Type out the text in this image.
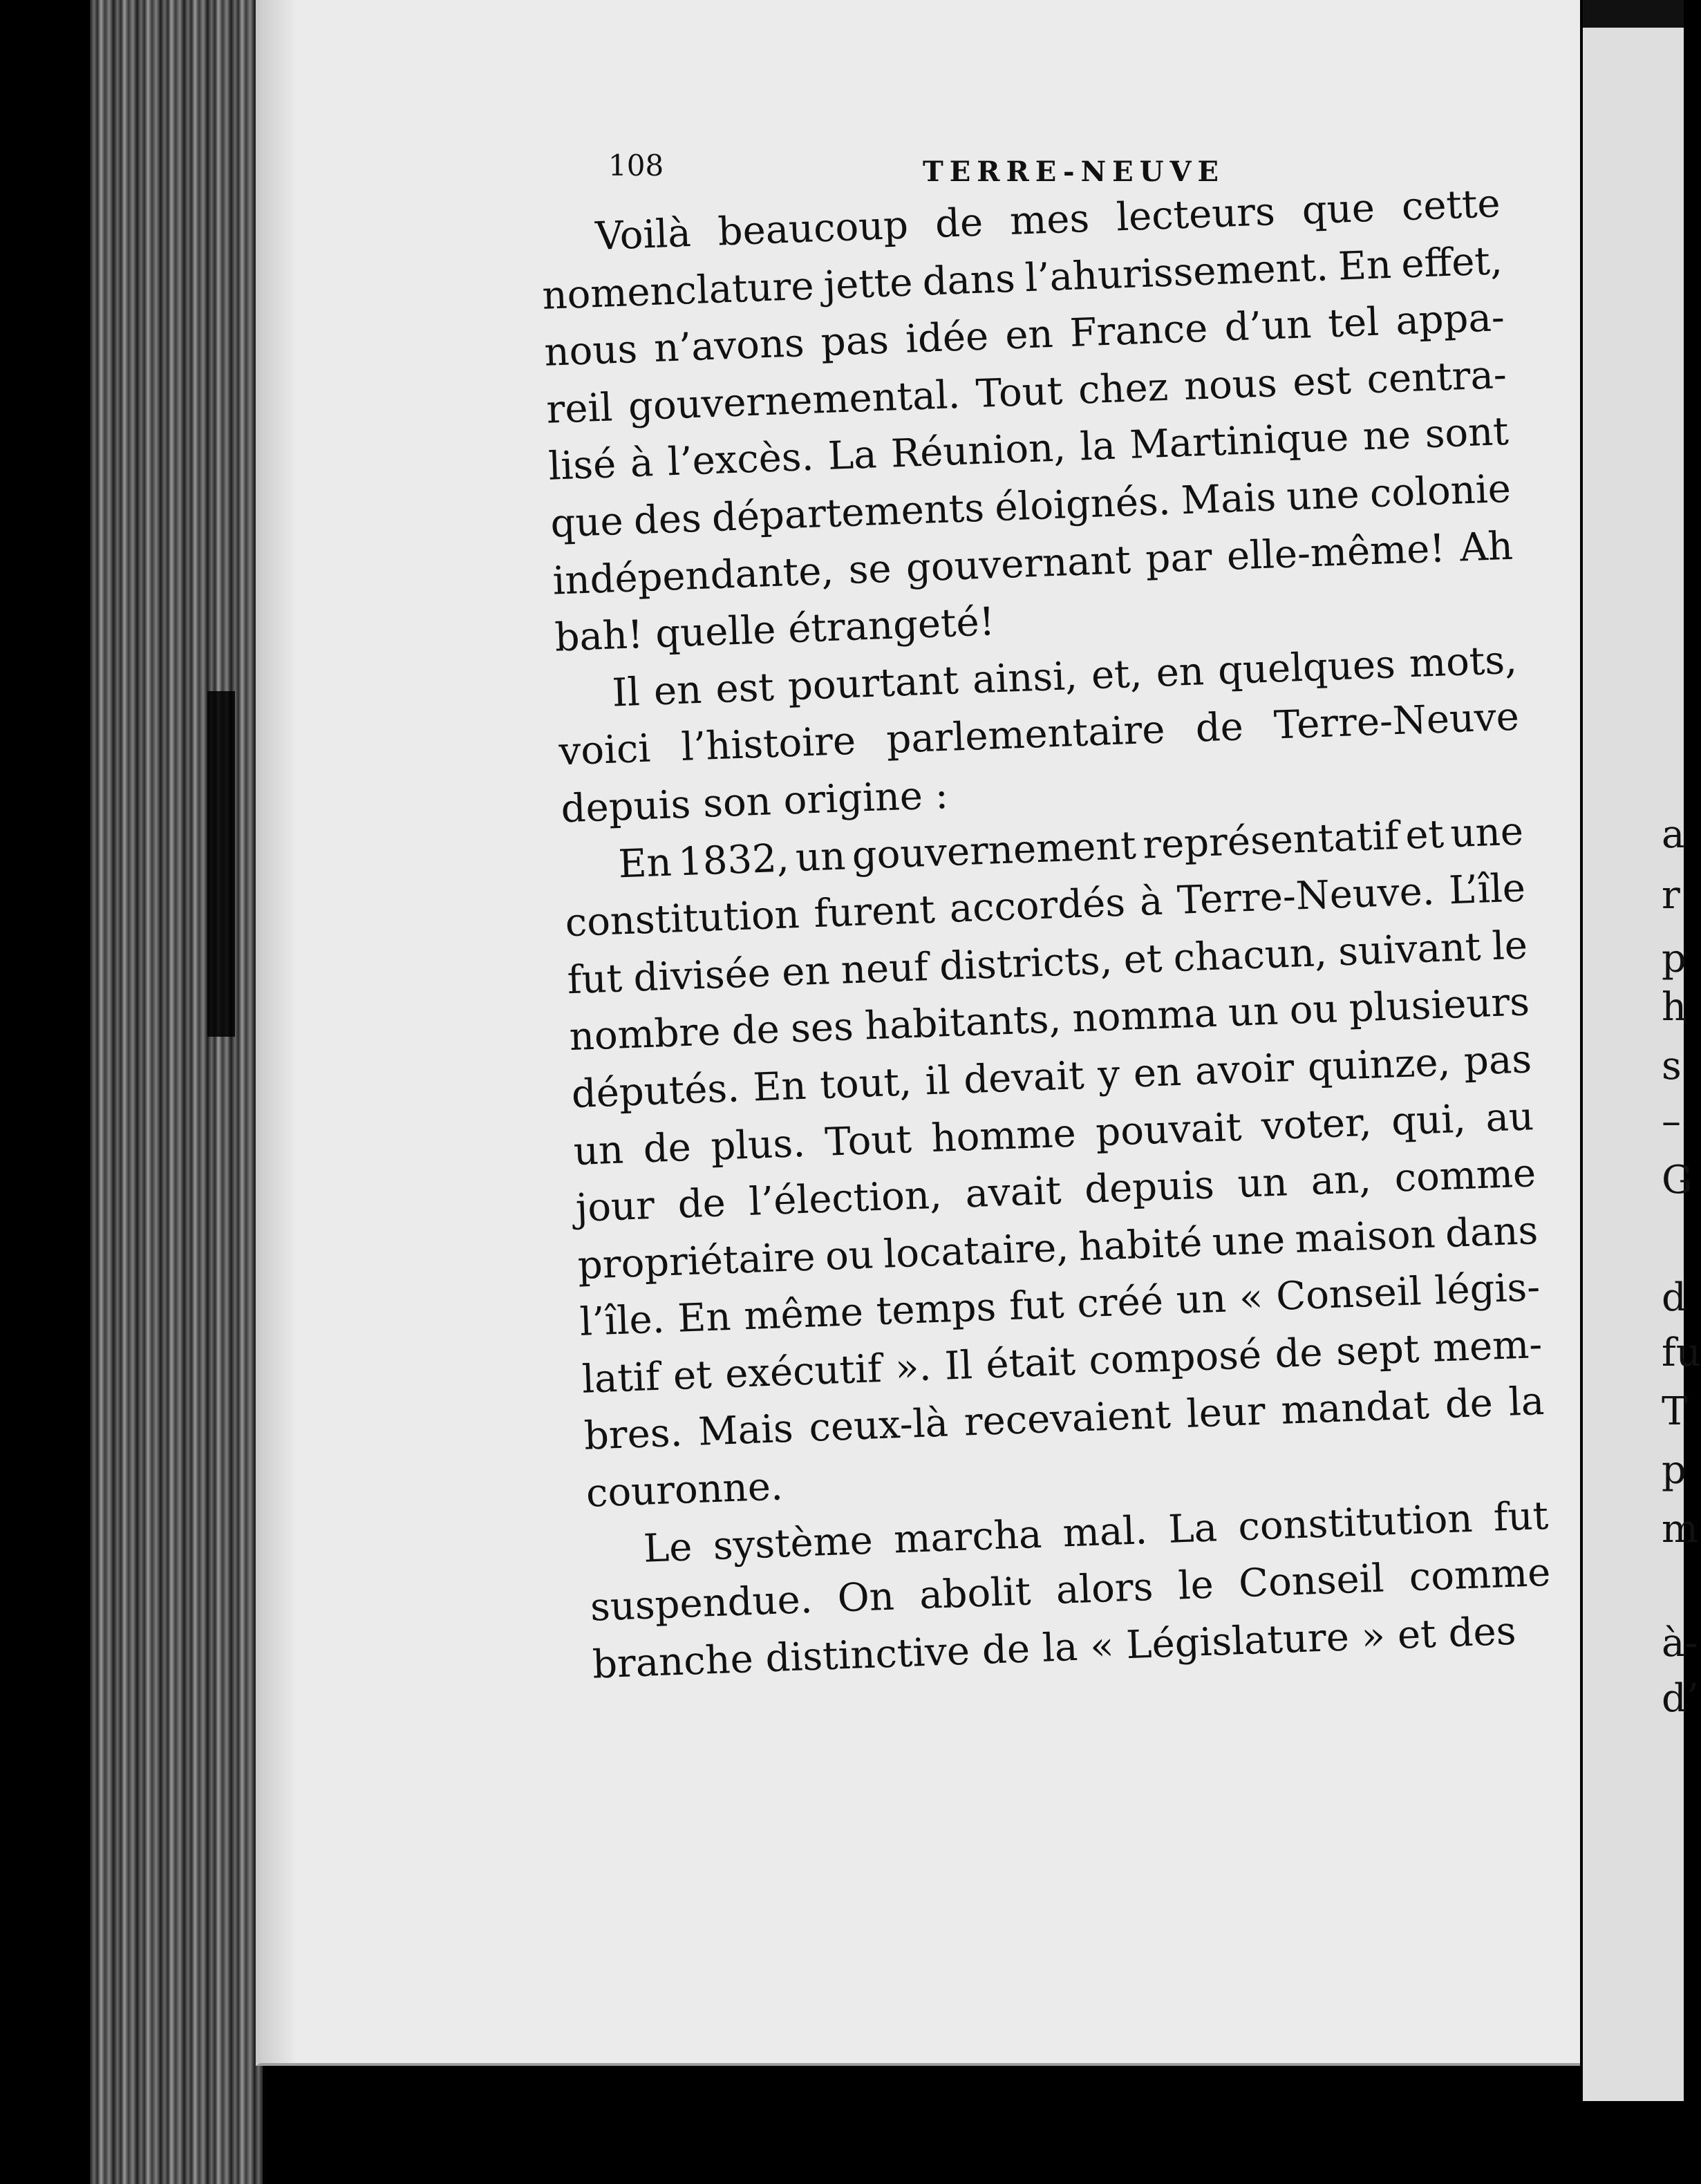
a
r
p
h
s
–
G
d
fu
T
p
m
à-
d’
108	TERRE-NEUVE
Voilà beaucoup de mes lecteurs que cette
nomenclature jette dans l’ahurissement. En effet,
nous n’avons pas idée en France d’un tel appa-
reil gouvernemental. Tout chez nous est centra-
lisé à l’excès. La Réunion, la Martinique ne sont
que des départements éloignés. Mais une colonie
indépendante, se gouvernant par elle-même! Ah
bah! quelle étrangeté!
Il en est pourtant ainsi, et, en quelques mots,
voici l’histoire parlementaire de Terre-Neuve
depuis son origine :
En 1832, un gouvernement représentatif et une
constitution furent accordés à Terre-Neuve. L’île
fut divisée en neuf districts, et chacun, suivant le
nombre de ses habitants, nomma un ou plusieurs
députés. En tout, il devait y en avoir quinze, pas
un de plus. Tout homme pouvait voter, qui, au
jour de l’élection, avait depuis un an, comme
propriétaire ou locataire, habité une maison dans
l’île. En même temps fut créé un « Conseil légis-
latif et exécutif ». Il était composé de sept mem-
bres. Mais ceux-là recevaient leur mandat de la
couronne.
Le système marcha mal. La constitution fut
suspendue. On abolit alors le Conseil comme
branche distinctive de la « Législature » et des
